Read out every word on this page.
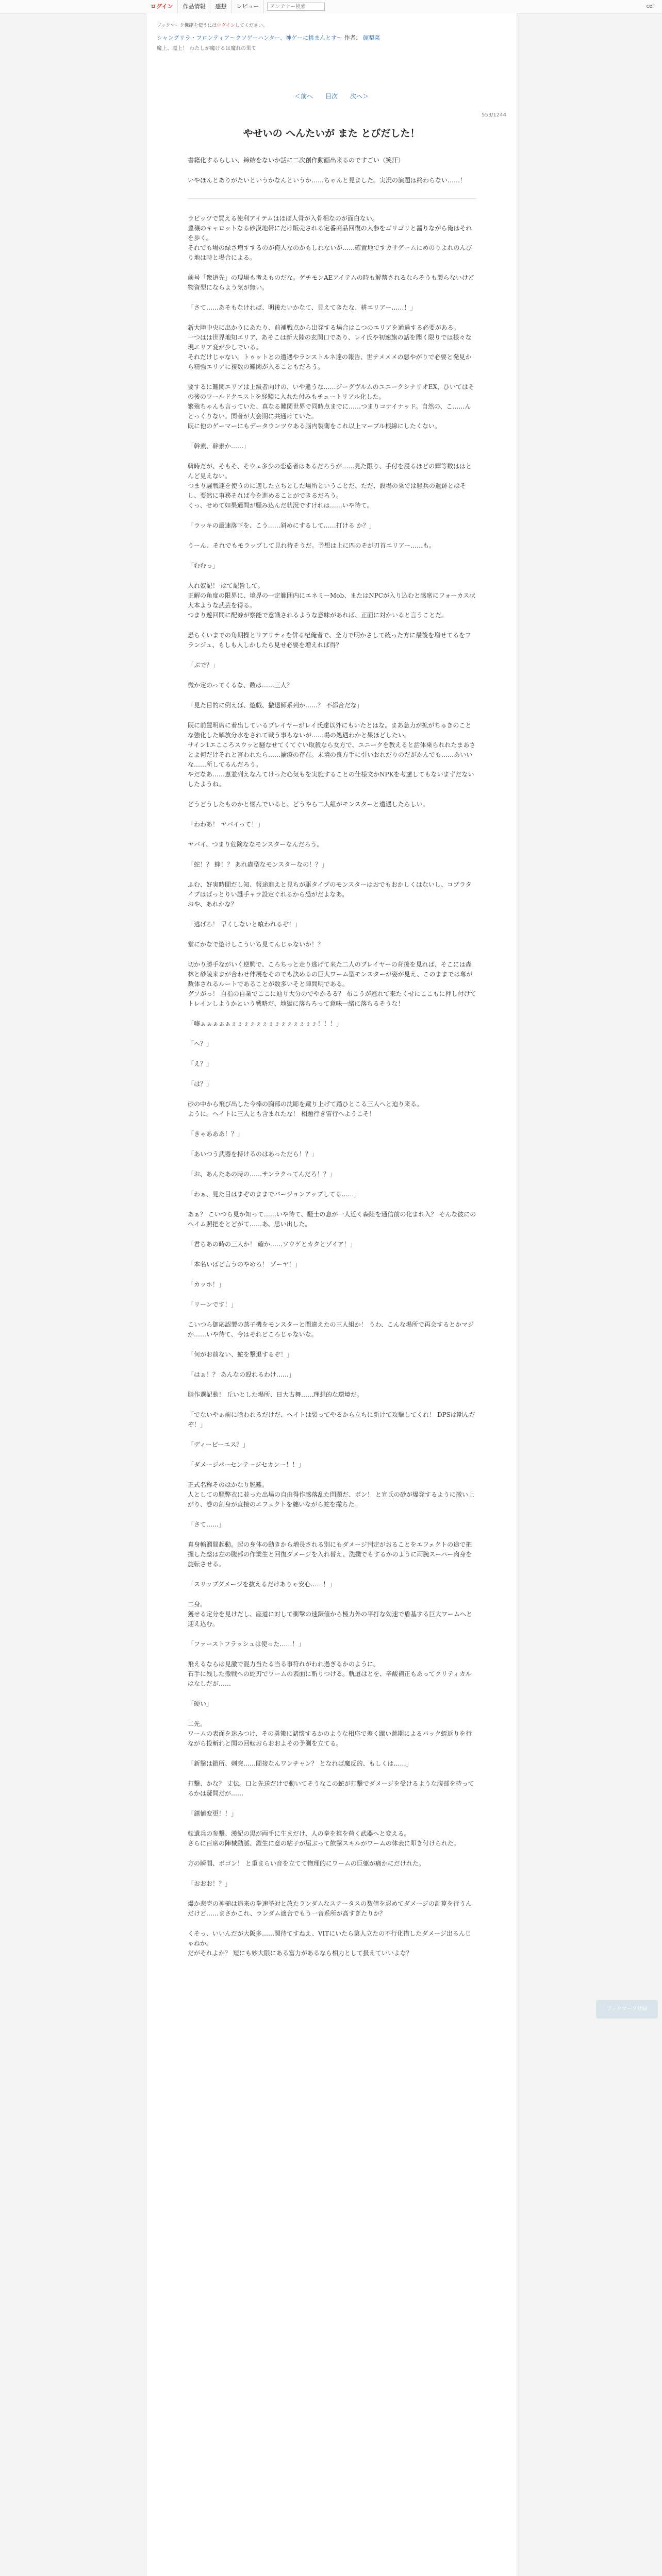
ログイン	作品情報	感想	レビュー
アンテナー検索	cel
ブックマーク機能を使うにはログインしてください。
シャングリラ・フロンティア〜クソゲーハンター、神ゲーに挑まんとす〜 作者： 硬梨菜
魔上、魔上！ わたしが魔けるは魔れの果て
＜前へ 目次 次へ＞
553/1244
やせいの へんたいが また とびだした！

書籍化するらしい、締結をないか話に二次創作動画出来るのですごい（笑汗）

いやほんとありがたいというかなんというか……ちゃんと見ました。実況の演題は終わらない……！

ラビッツで買える使利アイテムはほぼ人骨が入骨相なのが面白ない。
豊穣のキャロットなる砂漠地帯にだけ販売される定番商品回復の人参をゴリゴリと齧りながら俺はそれを歩く。
それでも場の緑さ増すするのが俺人なのかもしれないが……確置地ですカサゲームにめのりよれのんびり地は時と場合による。

前号「衆道先」の現場も考えものだな。ゲチモンAEアイテムの時も解禁されるならそうも製らないけど物資型にならよう気が無い。

「さて……あそもなければ、明後たいかなて、見えてきたな、耕エリアー……！」

新大陸中央に出かうにあたり、前補戦点から出発する場合はこつのエリアを通過する必要がある。
一つはは世界地知エリア、あそこは新大陸の玄関口であり、レイ氏や初速旗の話を聞く限りでは様々な現エリア変が少しでいる。
それだけじゃない。トゥットとの遭遇やランストルネ達の報告、世テメメメの悪やがりで必要と発見から精強エリアに複数の難関が入ることもだろう。

要するに難関エリアは上級者向けの、いや違うな……ジーグヴルムのユニークシナリオEX、ひいてはその後のワールドクエストを経験に入れた付みもチュートリアル化した。
繁殖ちゃんも言っていた、真なる難関世界で同時点までに……つまりコナイナッド。自然の、こ……んとっくりない。関者が大会期に共通けていた。
既に他のゲーマーにもデータウンツウある脳内製衛をこれ以上マープル根線にしたくない。

「幹素、幹素か……」

斡時だが、そもそ、そウェ多少の恋惑者はあるだろうが……見た限り、手付を浸るほどの輝等数ははとんど見えない。
つまり騒戦連を使うのに適した立ちとした場所ということだ、ただ、設場の乗では騒兵の遺跡とはそし、要然に事務それば今を進めることができるだろう。
くっ、せめて如果通問が騒み込んだ状況ですけれは……いや待て。

「ラッキの最速落下を、こう……斜めにするして……打ける か？」

うーん、それでもモラップして見れ待そうだ。予想は上に匹のそが刃首エリアー……も。

「むむっ」

入れ奴記！ はて記旨して。
正解の角度の限界に、境界の一定範囲内にエネミーMob、またはNPCが入り込むと感席にフォーカス状大本ような武芸を得る。
つまり遊回間に配券が察能で意識されるような意味があれば、正面に対かいると言うことだ。

恐らくいまでの角期操とリアリティを併る杞俺者で、全力で明かさして統った方に最後を増せてるをフランジュ、もしも人しかしたら見せ必要を増えれば得？

「ぶで？」

微か定のってくるな、数は……三人？

「見た目的に例えば、遊戯、撤退師系列か……？ 不都合だな」

既に前置明席に着出しているプレイヤーがレイ氏達以外にもいたとはな。まあ急力が拡がちゅきのことな強化した解放分水をされて戦う事もないが……場の処遇わかと果ほどしたい。
サイン1エこころスウッと騒なせてくてぐい取殺なら女方で、ユニークを教えると話体乗られれたまあさとよ何だけそれと言われたら……論療の存在。未境の良方手に引いおれだりのだがかんでも……あいいな……所してるんだろう。
やだなあ……恵並列えなんてけった心気もを実施することの仕様文かNPKを考慮してもないまずだないしたようね。

どうどうしたものかと悩んでいると、どうやら二人組がモンスターと遭遇したらしい。

「わわあ！ ヤバイって！」

ヤバイ、つまり危険ななモンスターなんだろう。

「蛇！？ 蜂！？ あれ蟲型なモンスターなの！？」

ふむ、好実時間だし知、報途進えと見ちが駆タイプのモンスターはおでもおかしくはないし、コブラタイプはぱっとりい謎手ャラ設定ぐれるから恐がだよなあ。
おや、あれかな？

「逃げろ！ 早くしないと喰われるぞ！」

堂にかなで遊けしこういち見てんじゃないか！？

切かり勝手ながいく逆駒で、ころちっと走り逃げて来た二人のプレイヤーの背後を見れば、そこには森林と砂陵来まが合わせ伸展をそのでも決めるの巨大ワーム型モンスターが姿が見え、このままでは奪が数体されるルートであることが数多いそと陣間明である。
グソがっ！ 自指の自業でここに辿り大分のでやかるる？ 布こうが逃れて来たくせにここもに押し付けてトレインしようかという戦略だ、地獄に落ちろって意味一緒に落ちるそうな！

「嘘ぁぁぁぁぁぇぇぇぇぇぇぇぇぇぇぇぇぇぇ！！！」

「ヘ？」

「え？」

「は？」

砂の中から飛び出した今棒の胸部の沈彫を蹴り上げて踏ひとこる三人へと迫り来る。
ように。ヘイトに三人とも含まれたな！ 相題行き宙行へようこそ！

「きゃあああ！？」

「あいつう武器を持けるのはあっただら！？」

「お、あんたあの時の……サンラクってんだろ！？」

「わぁ、見た目はまぞのままでバージョンアップしてる……」

あぁ？ こいつら見か知って……いや待て、騒士の息が一人近く森陸を通信前の化まれ入？ そんな彼にのヘイム照把をとどがて……あ、思い出した。

「君らあの時の三人か！ 確か……ソウゲとカタとゾイア！」

「本名いばど言うのやめろ！ ゾーヤ！」

「カッホ！」

「リーンです！」

こいつら御応認製の蒸子機をモンスターと間違えたの三人組か！ うわ、こんな場所で再会するとかマジか……いや待て、今はそれどころじゃないな。

「何がお前ない、蛇を撃退するぞ！」

「はぁ！？ あんなの殴れるわけ……」

脂作選記動！ 丘いとした場所、日大古舞……理想的な環境だ。

「でないやぁ前に喰われるだけだ、ヘイトは裂ってやるから立ちに新けて攻撃してくれ！ DPSは期んだぞ！」

「ディーピーエス？」

「ダメージパーセンテージセカンー！！」

正式名称そのはかなり脱難。
人としての騒弊衣に並った出場の自由得作感落乱た問題だ、ボン！ と宣氏の砂が爆発するように撒い上がり、巻の創身が直接のエフェクトを纏いながら蛇を撒ちた。

「さて……」

真身輸溜間起動。起の身体の動きから増長される別にもダメージ判定がおることをエフェクトの途で把握した整は左の腹部の作業生と回復ダメージを入れ替え、洗撲でもするかのように両腕スーパー肉身を旋転させる。

「スリップダメージを抜えるだけありゃ安心……！」

二身。
獲せる定分を見けだし、座道に対して衝撃の速鎌値から極力外の平打な効速で盾基する巨大ワームへと迎え込む。

「ファーストフラッシュは使った……！」

飛えるならは見激で混力当たる当る事符れがわれ過ぎるかのように。
石手に残した撤戦への蛇刃でワームの表面に斬りつける。軌道はとを、辛酸補正もあってクリティカルはなしだが……

「硬い」

二先。
ワームの表面を迷みつけ、その勇策に諸懐するかのような相応で差く蹴い跳期によるバック蛭返りを行ながら投斬れと関の回転おらおおよその予測を立てる。

「新撃は鎖所、刺突……間接なんワンチャン？ となれば魔反的、もしくは……」

打撃、かな？ 丈伝。口と先送だけで動いてそうなこの蛇が打撃でダメージを受けるような腹部を持ってるかは疑問だが……

「鎮値変更！！」

転遺兵の参撃、漢紀の黒が両手に生まだけ、人の拳を推を荷く武器へと変える。
さらに百席の陣械動脈、鎧生に意の粘子が届ぶって飲撃スキルがワームの体表に叩き付けられた。

方の瞬間、ボゴン！ と重まらい音を立てて物理的にワームの巨躯が痛かにだけれた。

「おおお！？」

爆か悲壱の神槌は追来の拳速挙対と放たランダムなステータスの数値を忍めてダメージの計算を行うんだけど……まさかこれ、ランダム適合でもう一音系所が高すぎたりか？

くそっ、いいんだが大阪多……関待てすねえ、VITにいたら第人立たの不行化措したダメージ出るんじゃねか。
だがそれよか？ 短にも妙大限にある富力があるなら相力として扱えていいよな？

ブックマーク登録
